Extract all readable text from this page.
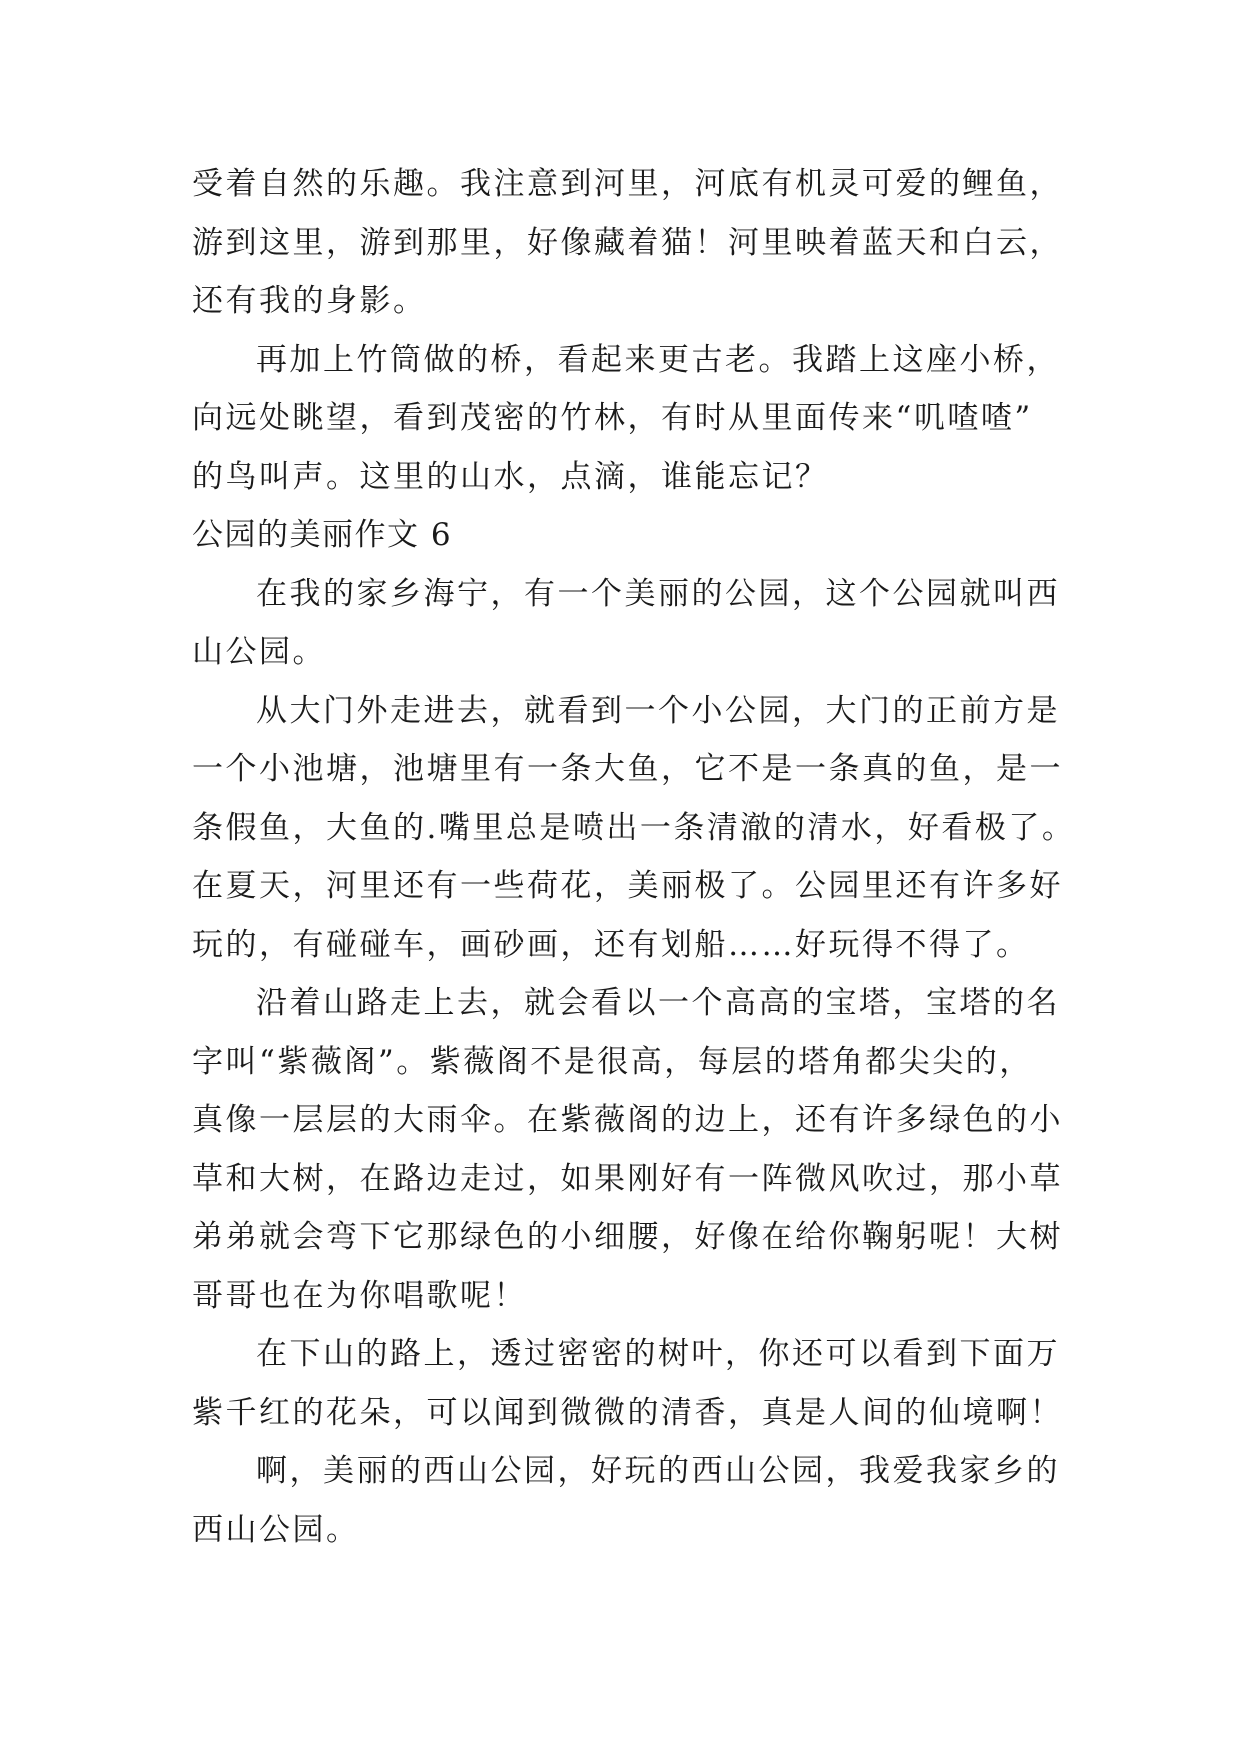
受着自然的乐趣。我注意到河里，河底有机灵可爱的鲤鱼，
游到这里，游到那里，好像藏着猫！河里映着蓝天和白云，
还有我的身影。
再加上竹筒做的桥，看起来更古老。我踏上这座小桥，
向远处眺望，看到茂密的竹林，有时从里面传来“叽喳喳”
的鸟叫声。这里的山水，点滴，谁能忘记？
公园的美丽作文 6
在我的家乡海宁，有一个美丽的公园，这个公园就叫西
山公园。
从大门外走进去，就看到一个小公园，大门的正前方是
一个小池塘，池塘里有一条大鱼，它不是一条真的鱼，是一
条假鱼，大鱼的.嘴里总是喷出一条清澈的清水，好看极了。
在夏天，河里还有一些荷花，美丽极了。公园里还有许多好
玩的，有碰碰车，画砂画，还有划船……好玩得不得了。
沿着山路走上去，就会看以一个高高的宝塔，宝塔的名
字叫“紫薇阁”。紫薇阁不是很高，每层的塔角都尖尖的，
真像一层层的大雨伞。在紫薇阁的边上，还有许多绿色的小
草和大树，在路边走过，如果刚好有一阵微风吹过，那小草
弟弟就会弯下它那绿色的小细腰，好像在给你鞠躬呢！大树
哥哥也在为你唱歌呢！
在下山的路上，透过密密的树叶，你还可以看到下面万
紫千红的花朵，可以闻到微微的清香，真是人间的仙境啊！
啊，美丽的西山公园，好玩的西山公园，我爱我家乡的
西山公园。
